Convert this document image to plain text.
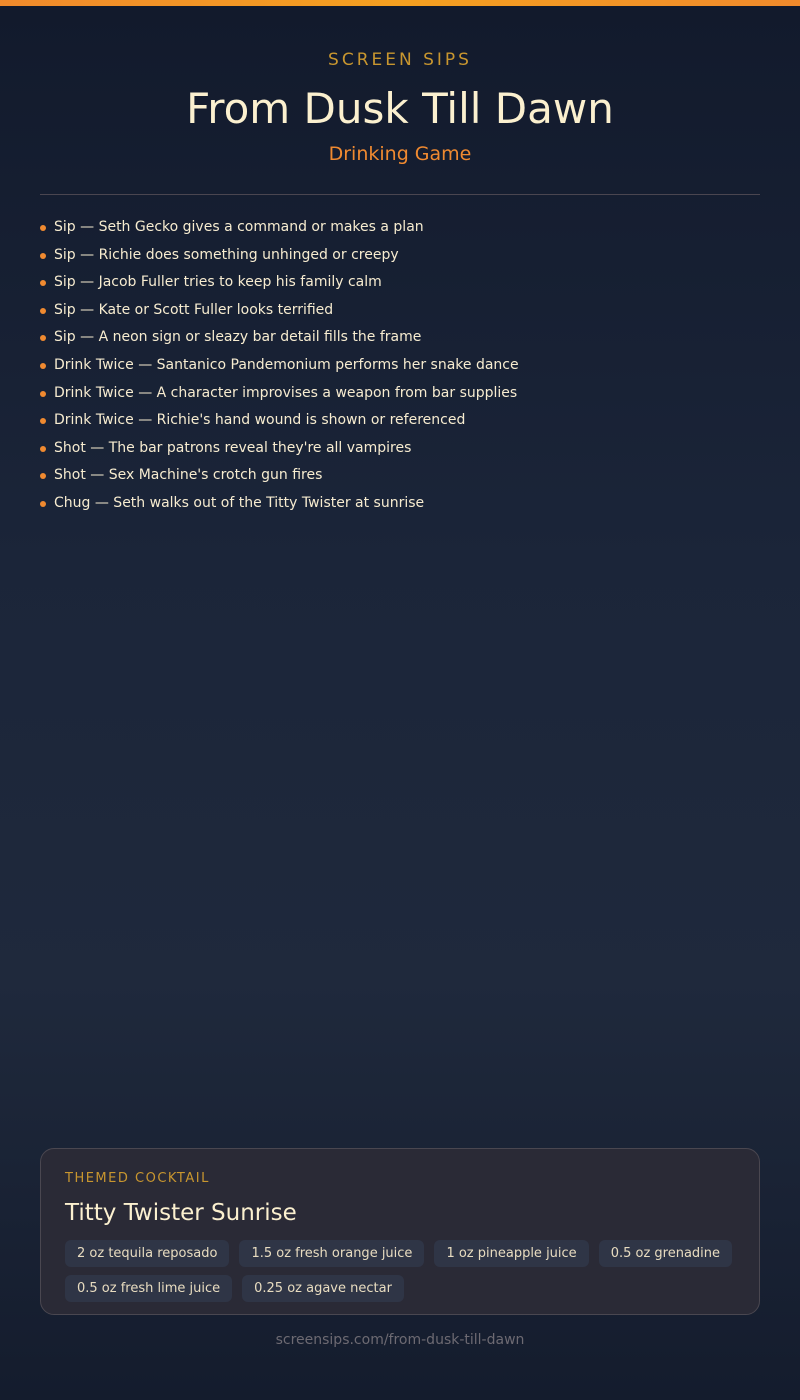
SCREEN SIPS
From Dusk Till Dawn
Drinking Game
Sip — Seth Gecko gives a command or makes a plan
Sip — Richie does something unhinged or creepy
Sip — Jacob Fuller tries to keep his family calm
Sip — Kate or Scott Fuller looks terrified
Sip — A neon sign or sleazy bar detail fills the frame
Drink Twice — Santanico Pandemonium performs her snake dance
Drink Twice — A character improvises a weapon from bar supplies
Drink Twice — Richie's hand wound is shown or referenced
Shot — The bar patrons reveal they're all vampires
Shot — Sex Machine's crotch gun fires
Chug — Seth walks out of the Titty Twister at sunrise
THEMED COCKTAIL
Titty Twister Sunrise
2 oz tequila reposado	1.5 oz fresh orange juice	1 oz pineapple juice	0.5 oz grenadine
0.5 oz fresh lime juice	0.25 oz agave nectar
screensips.com/from-dusk-till-dawn
